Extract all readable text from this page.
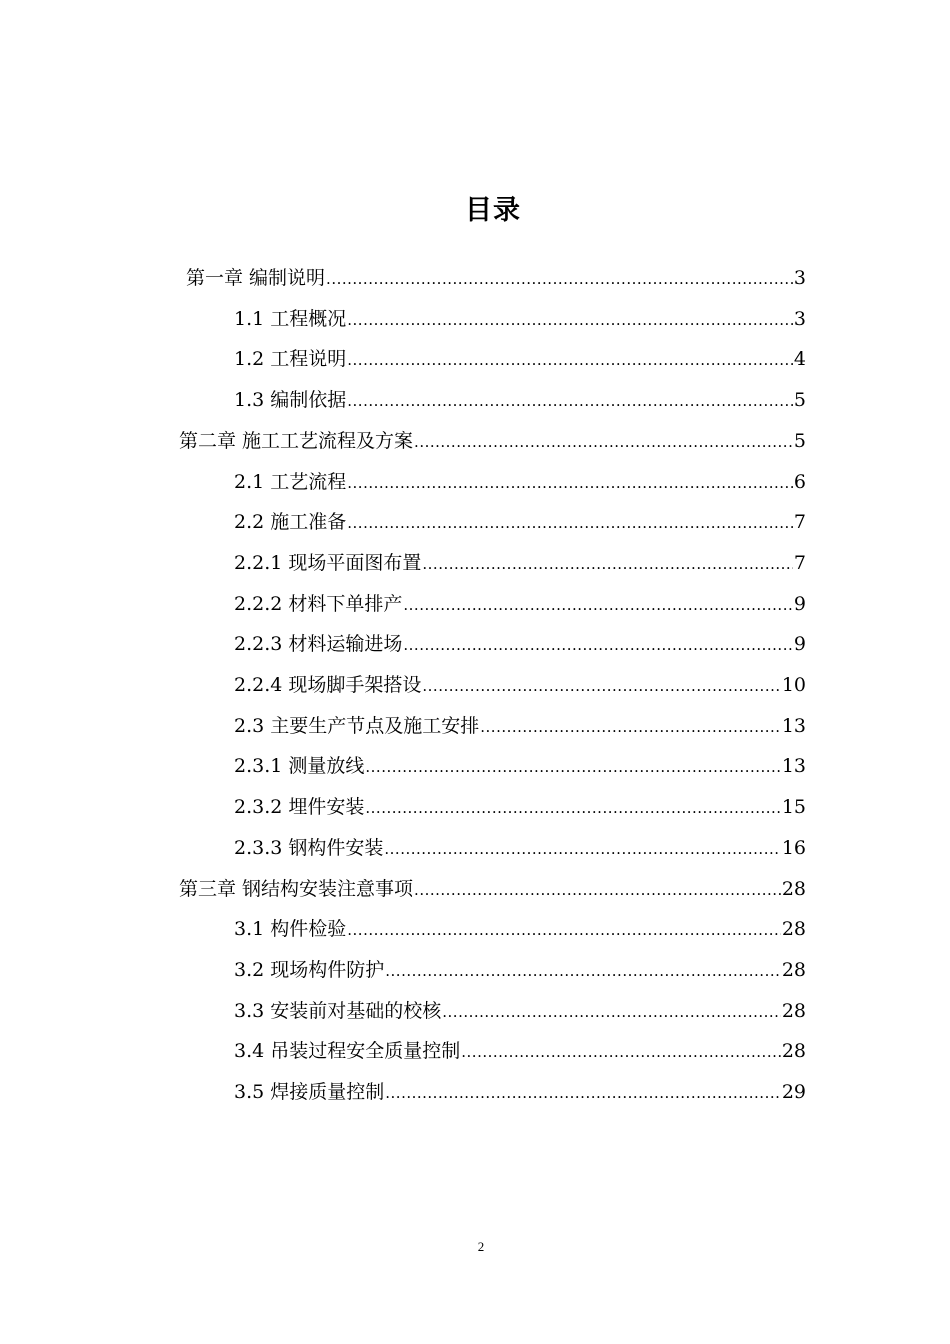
目录
第一章 编制说明 .....	3
1.1 工程概况 .....	3
1.2 工程说明 .....	4
1.3 编制依据 .....	5
第二章 施工工艺流程及方案 .....	5
2.1 工艺流程 .....	6
2.2 施工准备 .....	7
2.2.1 现场平面图布置 .....	7
2.2.2 材料下单排产 .....	9
2.2.3 材料运输进场 .....	9
2.2.4 现场脚手架搭设 .....	10
2.3 主要生产节点及施工安排 .....	13
2.3.1 测量放线 .....	13
2.3.2 埋件安装 .....	15
2.3.3 钢构件安装 .....	16
第三章 钢结构安装注意事项 .....	28
3.1 构件检验 .....	28
3.2 现场构件防护 .....	28
3.3 安装前对基础的校核 .....	28
3.4 吊装过程安全质量控制 .....	28
3.5 焊接质量控制 .....	29
2
